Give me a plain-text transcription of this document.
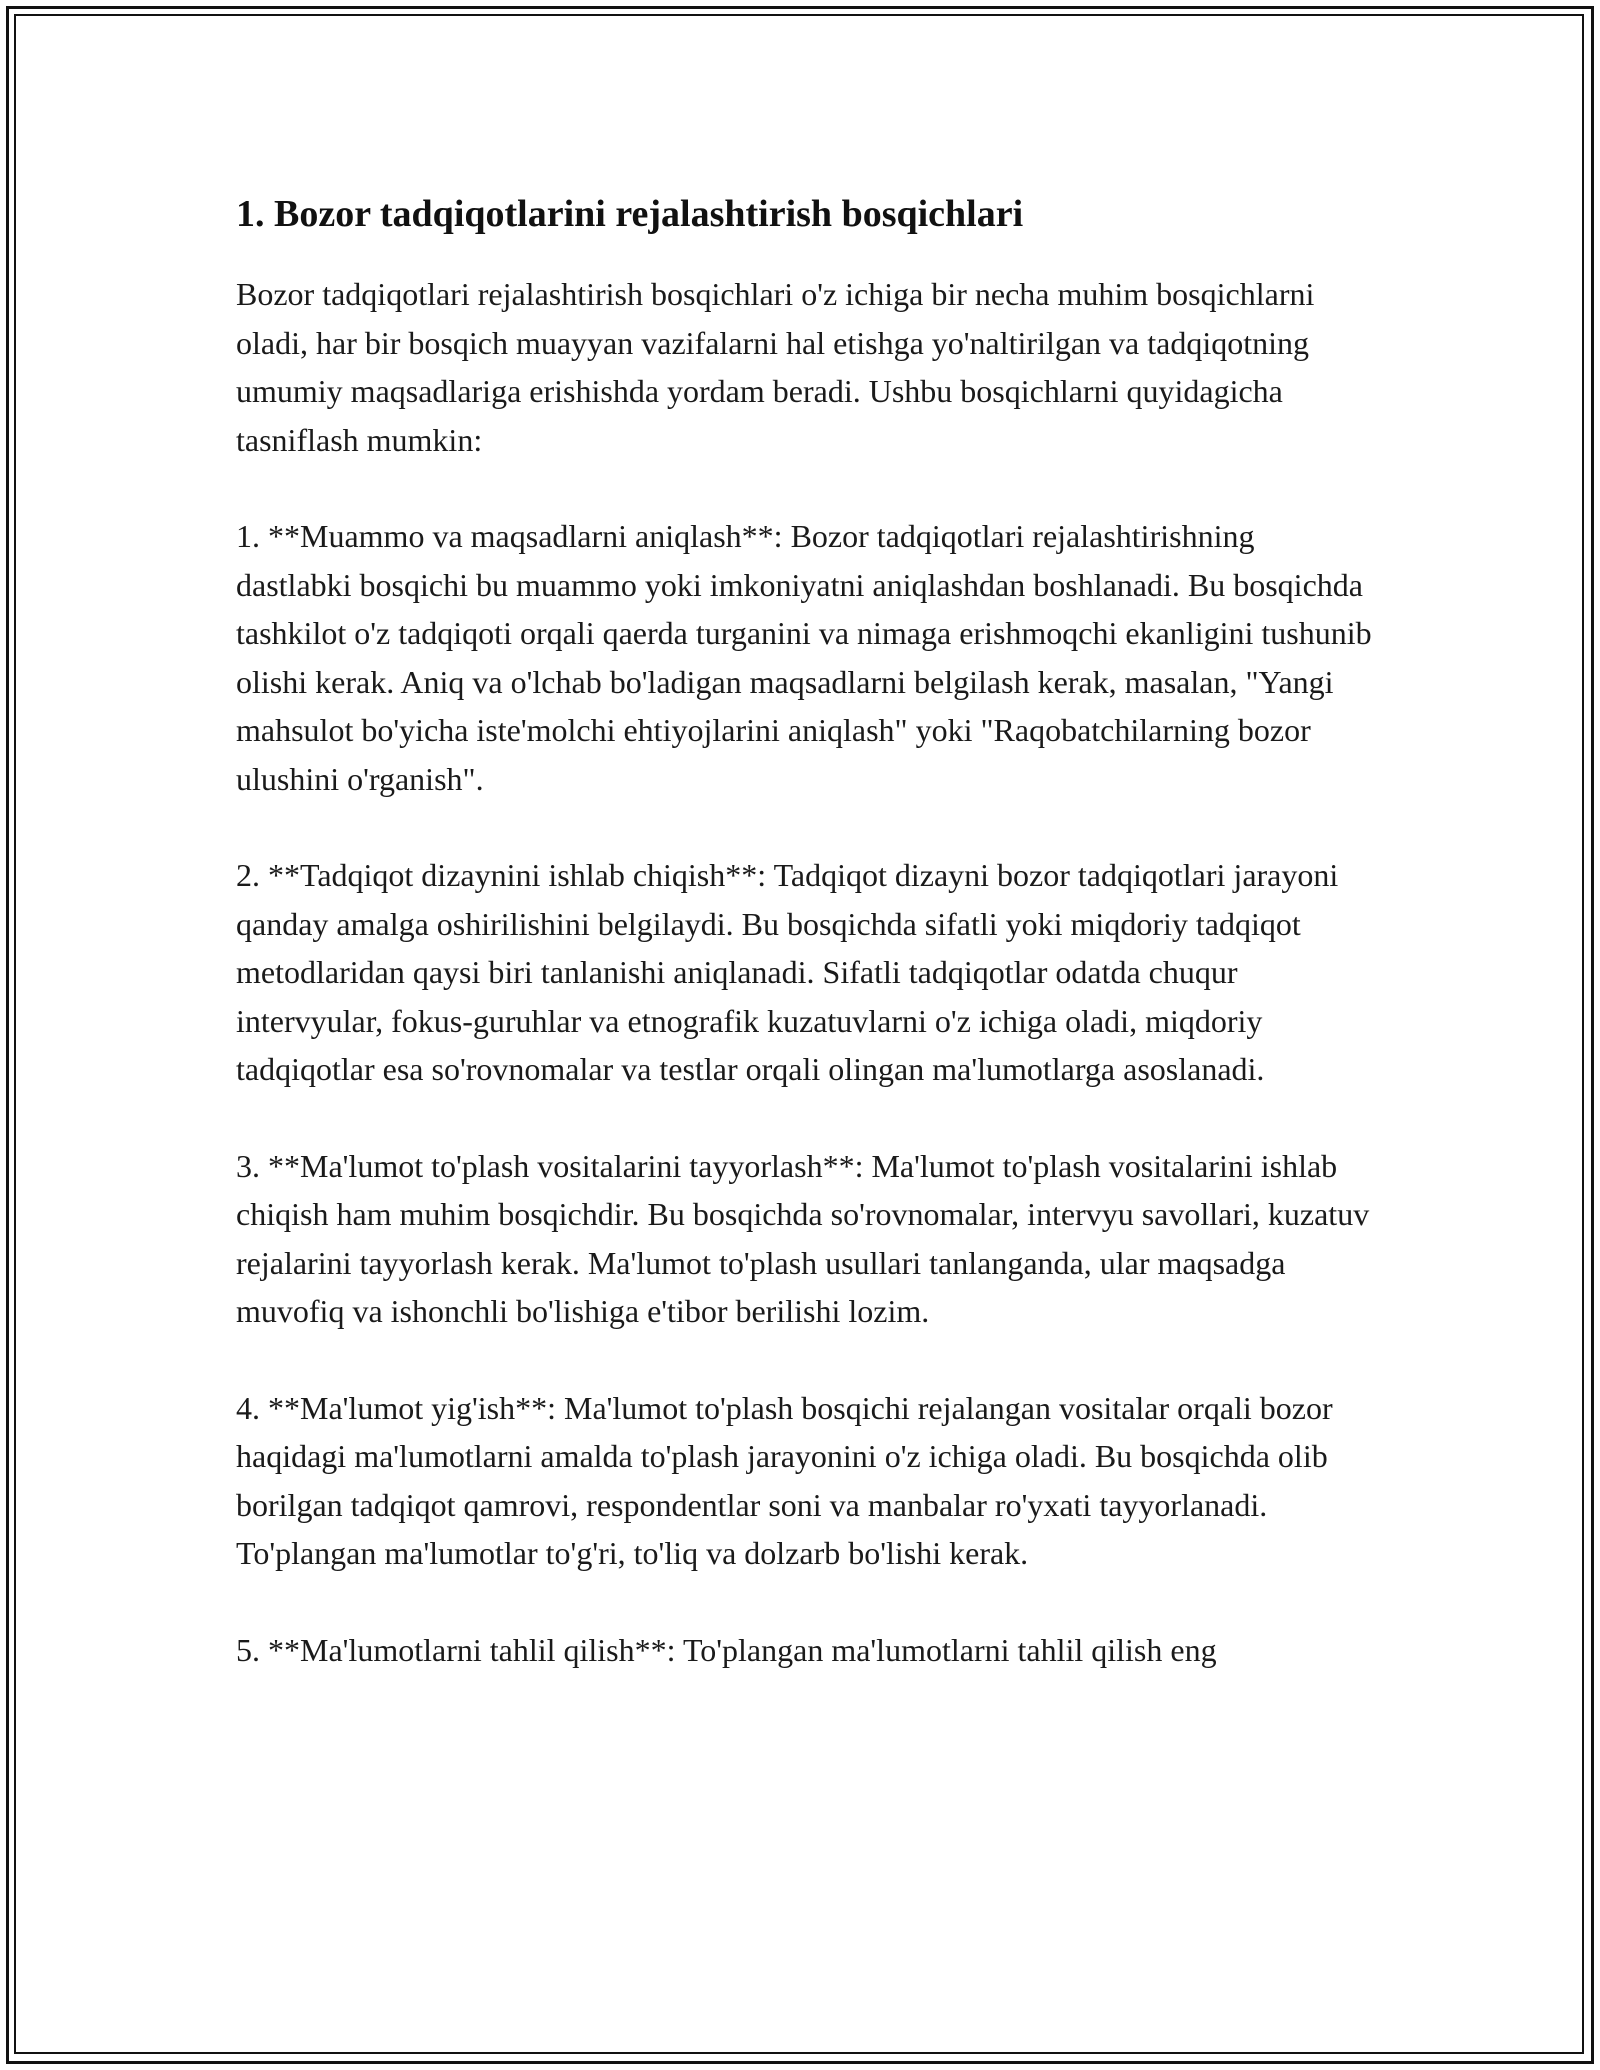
1. Bozor tadqiqotlarini rejalashtirish bosqichlari

Bozor tadqiqotlari rejalashtirish bosqichlari o'z ichiga bir necha muhim bosqichlarni oladi, har bir bosqich muayyan vazifalarni hal etishga yo'naltirilgan va tadqiqotning umumiy maqsadlariga erishishda yordam beradi. Ushbu bosqichlarni quyidagicha tasniflash mumkin:

1. **Muammo va maqsadlarni aniqlash**: Bozor tadqiqotlari rejalashtirishning dastlabki bosqichi bu muammo yoki imkoniyatni aniqlashdan boshlanadi. Bu bosqichda tashkilot o'z tadqiqoti orqali qaerda turganini va nimaga erishmoqchi ekanligini tushunib olishi kerak. Aniq va o'lchab bo'ladigan maqsadlarni belgilash kerak, masalan, "Yangi mahsulot bo'yicha iste'molchi ehtiyojlarini aniqlash" yoki "Raqobatchilarning bozor ulushini o'rganish".

2. **Tadqiqot dizaynini ishlab chiqish**: Tadqiqot dizayni bozor tadqiqotlari jarayoni qanday amalga oshirilishini belgilaydi. Bu bosqichda sifatli yoki miqdoriy tadqiqot metodlaridan qaysi biri tanlanishi aniqlanadi. Sifatli tadqiqotlar odatda chuqur intervyular, fokus-guruhlar va etnografik kuzatuvlarni o'z ichiga oladi, miqdoriy tadqiqotlar esa so'rovnomalar va testlar orqali olingan ma'lumotlarga asoslanadi.

3. **Ma'lumot to'plash vositalarini tayyorlash**: Ma'lumot to'plash vositalarini ishlab chiqish ham muhim bosqichdir. Bu bosqichda so'rovnomalar, intervyu savollari, kuzatuv rejalarini tayyorlash kerak. Ma'lumot to'plash usullari tanlanganda, ular maqsadga muvofiq va ishonchli bo'lishiga e'tibor berilishi lozim.

4. **Ma'lumot yig'ish**: Ma'lumot to'plash bosqichi rejalangan vositalar orqali bozor haqidagi ma'lumotlarni amalda to'plash jarayonini o'z ichiga oladi. Bu bosqichda olib borilgan tadqiqot qamrovi, respondentlar soni va manbalar ro'yxati tayyorlanadi. To'plangan ma'lumotlar to'g'ri, to'liq va dolzarb bo'lishi kerak.

5. **Ma'lumotlarni tahlil qilish**: To'plangan ma'lumotlarni tahlil qilish eng
